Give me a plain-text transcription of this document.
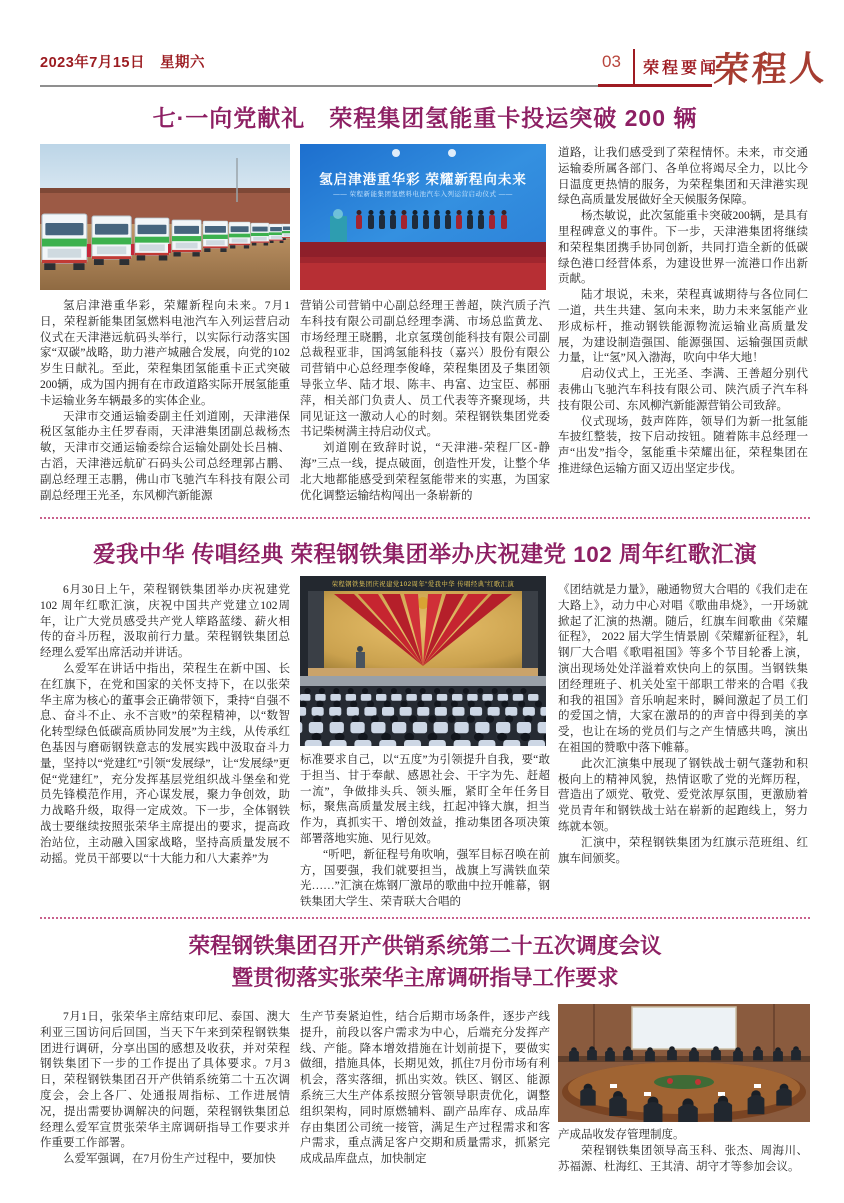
2023年7月15日　星期六	03 荣程要闻
荣程人
七·一向党献礼　荣程集团氢能重卡投运突破 200 辆
氢启津港重华彩 荣耀新程向未来
—— 荣程新能集团氢燃料电池汽车入列运营启动仪式 ——

氢启津港重华彩，荣耀新程向未来。7月1日，荣程新能集团氢燃料电池汽车入列运营启动仪式在天津港远航码头举行，以实际行动落实国家“双碳”战略，助力港产城融合发展，向党的102岁生日献礼。至此，荣程集团氢能重卡正式突破200辆，成为国内拥有在市政道路实际开展氢能重卡运输业务车辆最多的实体企业。

天津市交通运输委副主任刘道刚，天津港保税区氢能办主任罗春雨，天津港集团副总裁杨杰敏，天津市交通运输委综合运输处副处长吕楠、古滔，天津港远航矿石码头公司总经理郭占鹏、副总经理王志鹏，佛山市飞驰汽车科技有限公司副总经理王光圣，东风柳汽新能源

营销公司营销中心副总经理王善超，陕汽质子汽车科技有限公司副总经理李满、市场总监黄龙、市场经理王晓鹏，北京氢璞创能科技有限公司副总裁程亚非，国鸿氢能科技（嘉兴）股份有限公司营销中心总经理李俊峰，荣程集团及子集团领导张立华、陆才垠、陈丰、冉富、边宝臣、郝丽萍，相关部门负责人、员工代表等齐聚现场，共同见证这一激动人心的时刻。荣程钢铁集团党委书记柴树满主持启动仪式。

刘道刚在致辞时说，“天津港-荣程厂区-静海”三点一线，提点破面，创造性开发，让整个华北大地都能感受到荣程氢能带来的实惠，为国家优化调整运输结构闯出一条崭新的

道路，让我们感受到了荣程情怀。未来，市交通运输委所属各部门、各单位将竭尽全力，以比今日温度更热情的服务，为荣程集团和天津港实现绿色高质量发展做好全天候服务保障。

杨杰敏说，此次氢能重卡突破200辆，是具有里程碑意义的事件。下一步，天津港集团将继续和荣程集团携手协同创新，共同打造全新的低碳绿色港口经营体系，为建设世界一流港口作出新贡献。

陆才垠说，未来，荣程真诚期待与各位同仁一道，共生共建、氢向未来，助力未来氢能产业形成标杆，推动钢铁能源物流运输业高质量发展，为建设制造强国、能源强国、运输强国贡献力量，让“氢”风入渤海，吹向中华大地！

启动仪式上，王光圣、李满、王善超分别代表佛山飞驰汽车科技有限公司、陕汽质子汽车科技有限公司、东风柳汽新能源营销公司致辞。

仪式现场，鼓声阵阵，领导们为新一批氢能车披红整装，按下启动按钮。随着陈丰总经理一声“出发”指令，氢能重卡荣耀出征，荣程集团在推进绿色运输方面又迈出坚定步伐。

爱我中华 传唱经典 荣程钢铁集团举办庆祝建党 102 周年红歌汇演

6月30日上午，荣程钢铁集团举办庆祝建党102 周年红歌汇演，庆祝中国共产党建立102周年，让广大党员感受共产党人筚路蓝缕、薪火相传的奋斗历程，汲取前行力量。荣程钢铁集团总经理么爱军出席活动并讲话。

么爱军在讲话中指出，荣程生在新中国、长在红旗下，在党和国家的关怀支持下，在以张荣华主席为核心的董事会正确带领下，秉持“自强不息、奋斗不止、永不言败”的荣程精神，以“数智化转型绿色低碳高质协同发展”为主线，从传承红色基因与磨砺钢铁意志的发展实践中汲取奋斗力量，坚持以“党建红”引领“发展绿”，让“发展绿”更促“党建红”，充分发挥基层党组织战斗堡垒和党员先锋模范作用，齐心谋发展，聚力争创效，助力战略升级，取得一定成效。下一步，全体钢铁战士要继续按照张荣华主席提出的要求，提高政治站位，主动融入国家战略，坚持高质量发展不动摇。党员干部要以“十大能力和八大素养”为

荣程钢铁集团庆祝建党102周年“爱我中华 传唱经典”红歌汇演

标准要求自己，以“五度”为引领提升自我，要“敢于担当、甘于奉献、感恩社会、干字为先、赶超一流”，争做排头兵、领头雁，紧盯全年任务目标，聚焦高质量发展主线，扛起冲锋大旗，担当作为，真抓实干、增创效益，推动集团各项决策部署落地实施、见行见效。

“听吧，新征程号角吹响，强军目标召唤在前方，国要强，我们就要担当，战旗上写满铁血荣光……”汇演在炼钢厂激昂的歌曲中拉开帷幕，钢铁集团大学生、荣青联大合唱的

《团结就是力量》，融通物贸大合唱的《我们走在大路上》，动力中心对唱《歌曲串烧》，一开场就掀起了汇演的热潮。随后，红旗车间歌曲《荣耀征程》， 2022 届大学生情景剧《荣耀新征程》，轧钢厂大合唱《歌唱祖国》等多个节目轮番上演，演出现场处处洋溢着欢快向上的氛围。当钢铁集团经理班子、机关处室干部职工带来的合唱《我和我的祖国》音乐响起来时，瞬间激起了员工们的爱国之情，大家在激昂的的声音中得到美的享受，也让在场的党员们与之产生情感共鸣，演出在祖国的赞歌中落下帷幕。

此次汇演集中展现了钢铁战士朝气蓬勃和积极向上的精神风貌，热情讴歌了党的光辉历程，营造出了颂党、敬党、爱党浓厚氛围，更激励着党员青年和钢铁战士站在崭新的起跑线上，努力练就本领。

汇演中，荣程钢铁集团为红旗示范班组、红旗车间颁奖。

荣程钢铁集团召开产供销系统第二十五次调度会议
暨贯彻落实张荣华主席调研指导工作要求

7月1日，张荣华主席结束印尼、泰国、澳大利亚三国访问后回国，当天下午来到荣程钢铁集团进行调研，分享出国的感想及收获，并对荣程钢铁集团下一步的工作提出了具体要求。7月3日，荣程钢铁集团召开产供销系统第二十五次调度会，会上各厂、处通报周指标、工作进展情况，提出需要协调解决的问题，荣程钢铁集团总经理么爱军宣贯张荣华主席调研指导工作要求并作重要工作部署。

么爱军强调，在7月份生产过程中，要加快

生产节奏紧迫性，结合后期市场条件，逐步产线提升，前段以客户需求为中心，后端充分发挥产线、产能。降本增效措施在计划前提下，要做实做细，措施具体，长期见效，抓住7月份市场有利机会，落实落细，抓出实效。铁区、钢区、能源系统三大生产体系按照分管领导职责优化，调整组织架构，同时原燃辅料、副产品库存、成品库存由集团公司统一接管，满足生产过程需求和客户需求，重点满足客户交期和质量需求，抓紧完成成品库盘点，加快制定

产成品收发存管理制度。

荣程钢铁集团领导高玉科、张杰、周海川、苏福源、杜海红、王其清、胡守才等参加会议。
